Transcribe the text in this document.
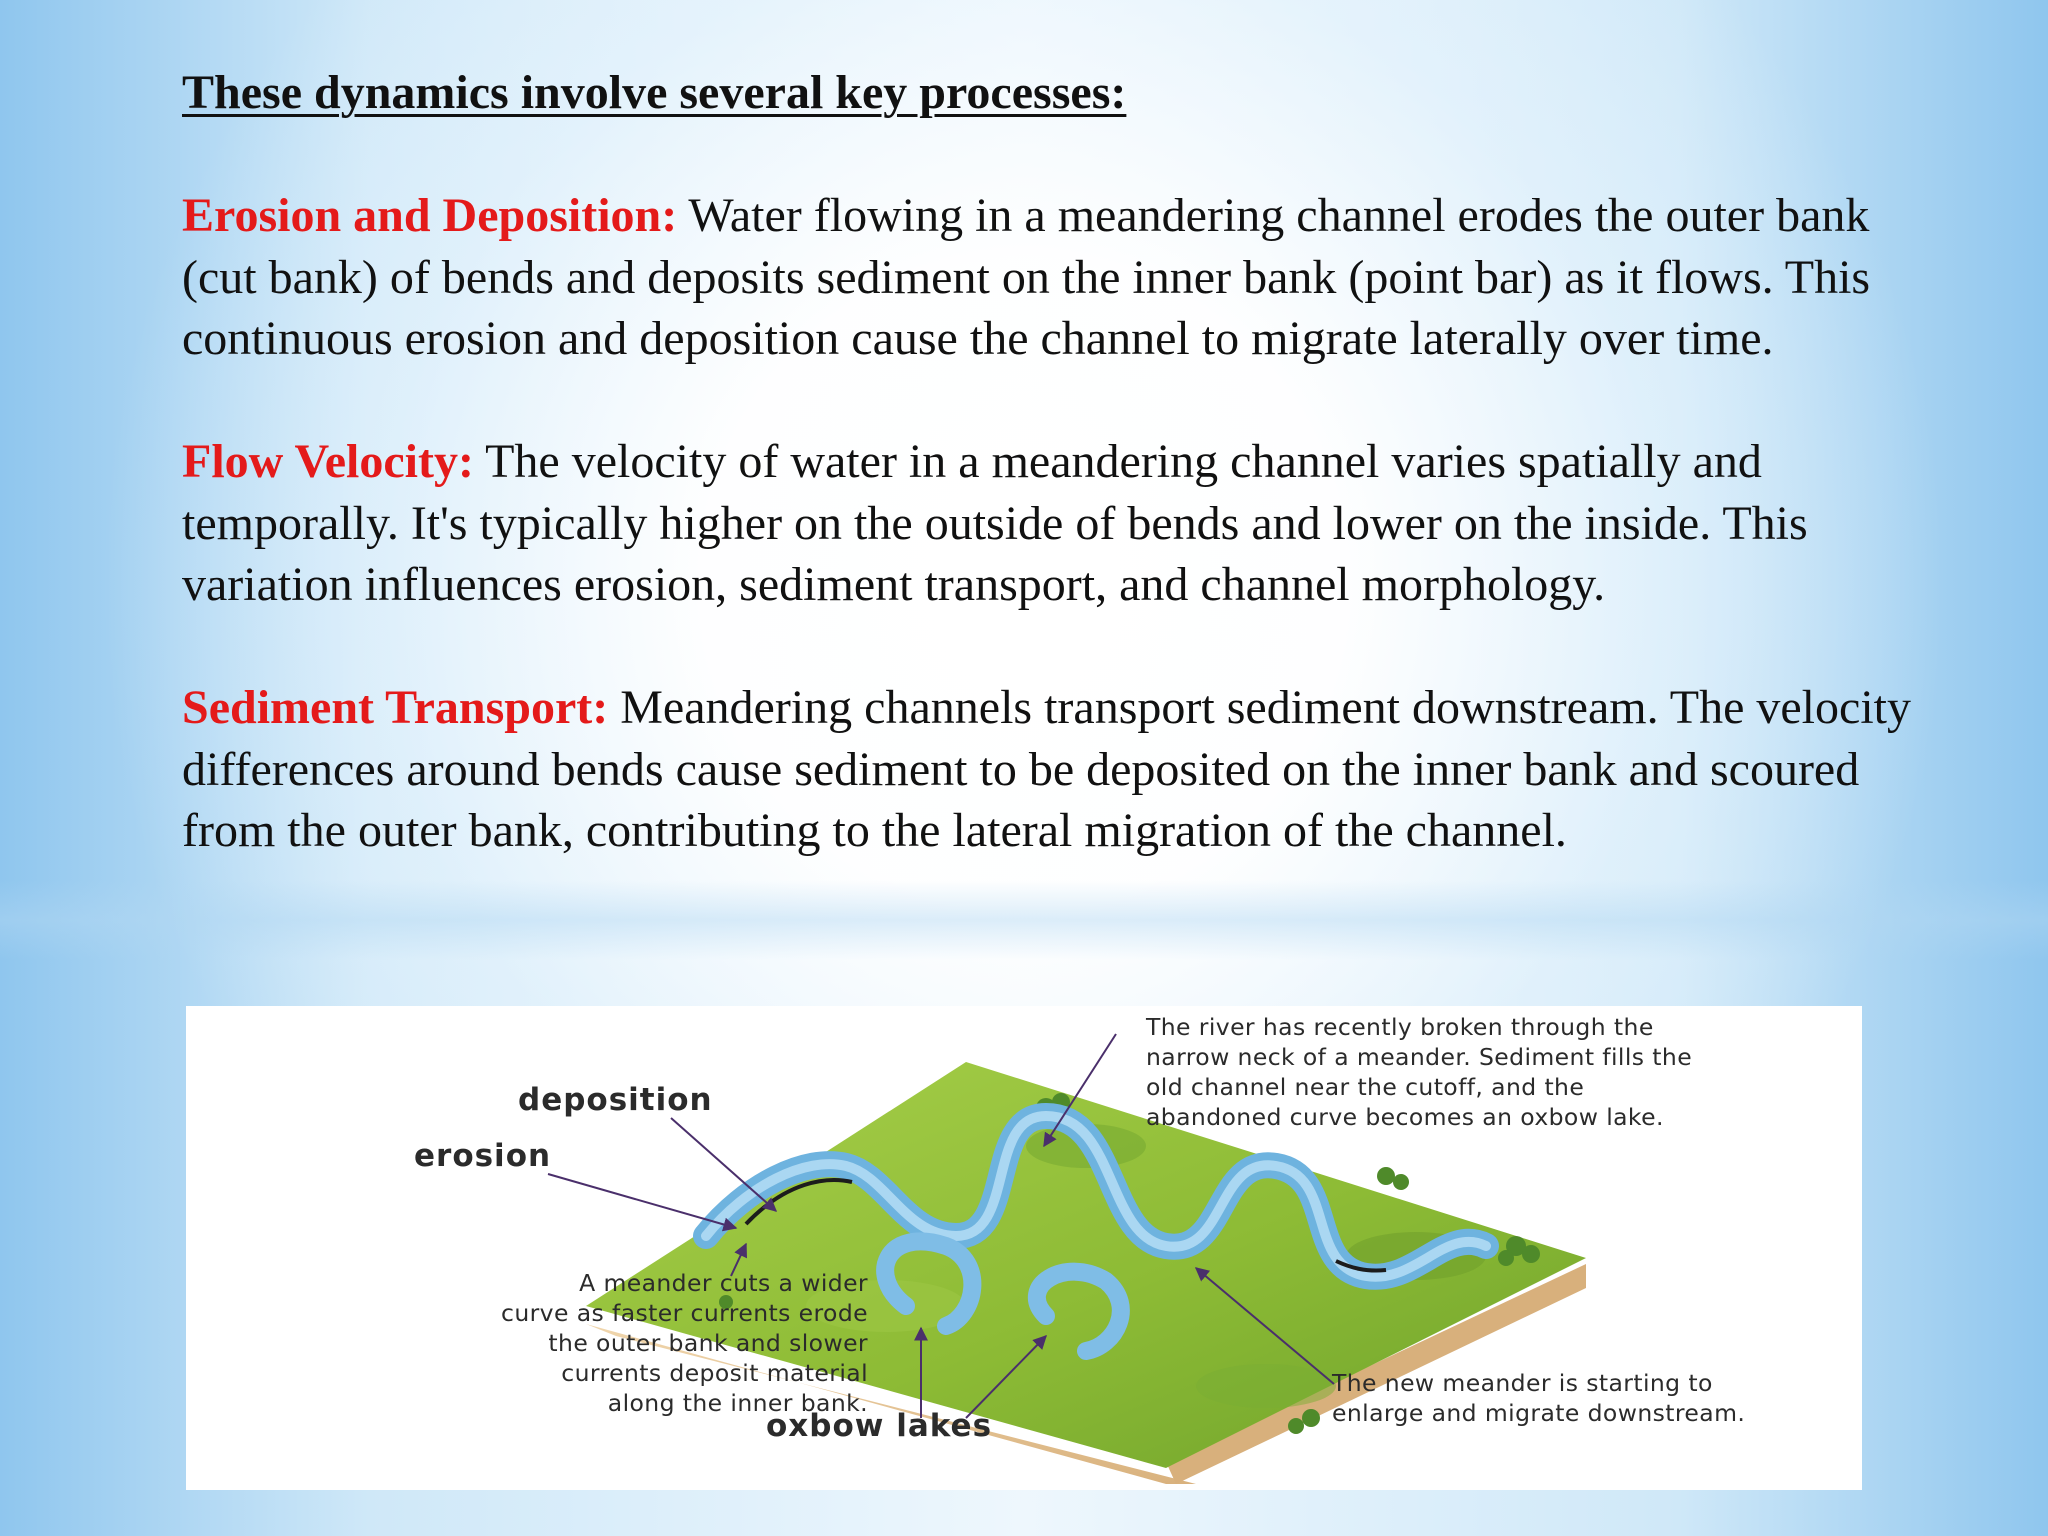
These dynamics involve several key processes:

Erosion and Deposition: Water flowing in a meandering channel erodes the outer bank (cut bank) of bends and deposits sediment on the inner bank (point bar) as it flows. This continuous erosion and deposition cause the channel to migrate laterally over time.

Flow Velocity: The velocity of water in a meandering channel varies spatially and temporally. It's typically higher on the outside of bends and lower on the inside. This variation influences erosion, sediment transport, and channel morphology.

Sediment Transport: Meandering channels transport sediment downstream. The velocity differences around bends cause sediment to be deposited on the inner bank and scoured from the outer bank, contributing to the lateral migration of the channel.

deposition
erosion
oxbow lakes
The river has recently broken through the
narrow neck of a meander. Sediment fills the
old channel near the cutoff, and the
abandoned curve becomes an oxbow lake.
A meander cuts a wider
curve as faster currents erode
the outer bank and slower
currents deposit material
along the inner bank.
The new meander is starting to
enlarge and migrate downstream.
